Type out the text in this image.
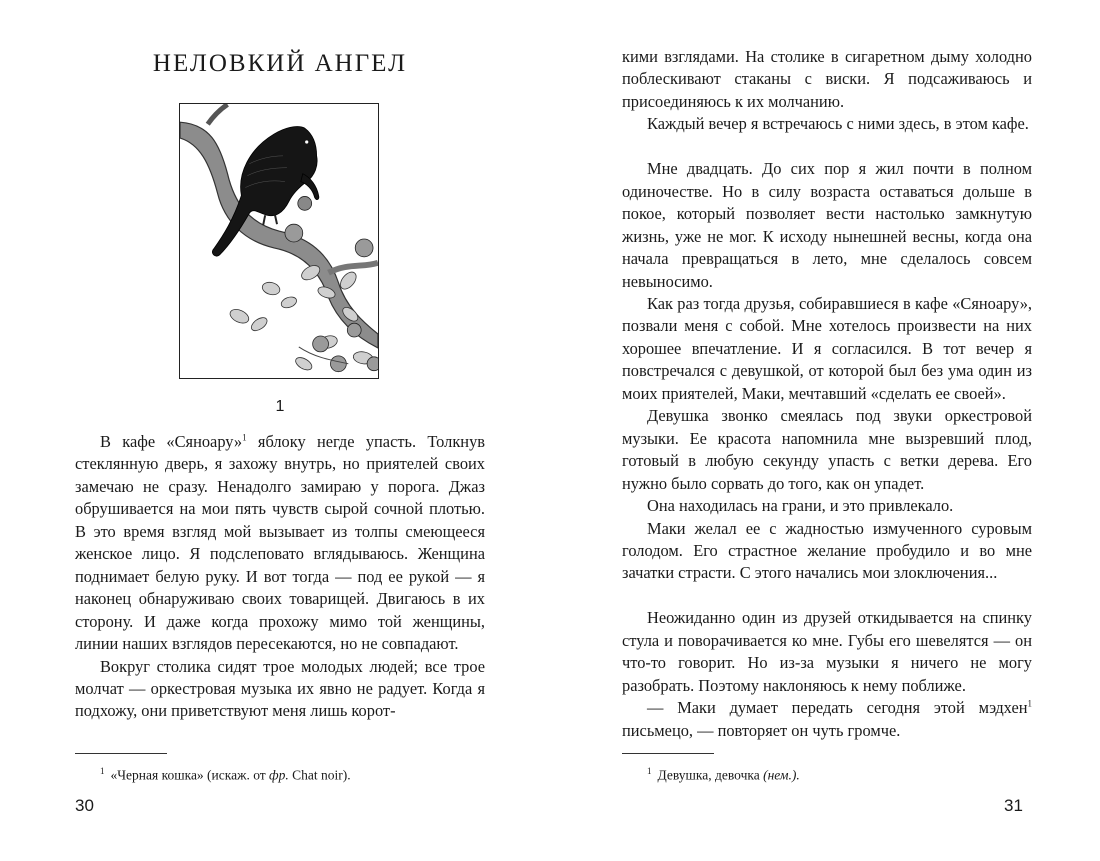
НЕЛОВКИЙ АНГЕЛ
1

В кафе «Сяноару»$^1$ яблоку негде упасть. Толкнув стеклянную дверь, я захожу внутрь, но приятелей своих замечаю не сразу. Ненадолго замираю у порога. Джаз обрушивается на мои пять чувств сырой сочной плотью. В это время взгляд мой вызывает из толпы смеющееся женское лицо. Я подслеповато вглядываюсь. Женщина поднимает белую руку. И вот тогда — под ее рукой — я наконец обнаруживаю своих товарищей. Двигаюсь в их сторону. И даже когда прохожу мимо той женщины, линии наших взглядов пересекаются, но не совпадают.

Вокруг столика сидят трое молодых людей; все трое молчат — оркестровая музыка их явно не радует. Когда я подхожу, они приветствуют меня лишь корот-

$^1$ «Черная кошка» (искаж. от фр. Chat noir).
30

кими взглядами. На столике в сигаретном дыму холодно поблескивают стаканы с виски. Я подсаживаюсь и присоединяюсь к их молчанию.

Каждый вечер я встречаюсь с ними здесь, в этом кафе.

Мне двадцать. До сих пор я жил почти в полном одиночестве. Но в силу возраста оставаться дольше в покое, который позволяет вести настолько замкнутую жизнь, уже не мог. К исходу нынешней весны, когда она начала превращаться в лето, мне сделалось совсем невыносимо.

Как раз тогда друзья, собиравшиеся в кафе «Сяноару», позвали меня с собой. Мне хотелось произвести на них хорошее впечатление. И я согласился. В тот вечер я повстречался с девушкой, от которой был без ума один из моих приятелей, Маки, мечтавший «сделать ее своей».

Девушка звонко смеялась под звуки оркестровой музыки. Ее красота напомнила мне вызревший плод, готовый в любую секунду упасть с ветки дерева. Его нужно было сорвать до того, как он упадет.

Она находилась на грани, и это привлекало.

Маки желал ее с жадностью измученного суровым голодом. Его страстное желание пробудило и во мне зачатки страсти. С этого начались мои злоключения...

Неожиданно один из друзей откидывается на спинку стула и поворачивается ко мне. Губы его шевелятся — он что-то говорит. Но из-за музыки я ничего не могу разобрать. Поэтому наклоняюсь к нему поближе.

— Маки думает передать сегодня этой мэдхен$^1$ письмецо, — повторяет он чуть громче.

$^1$ Девушка, девочка (нем.).
31
